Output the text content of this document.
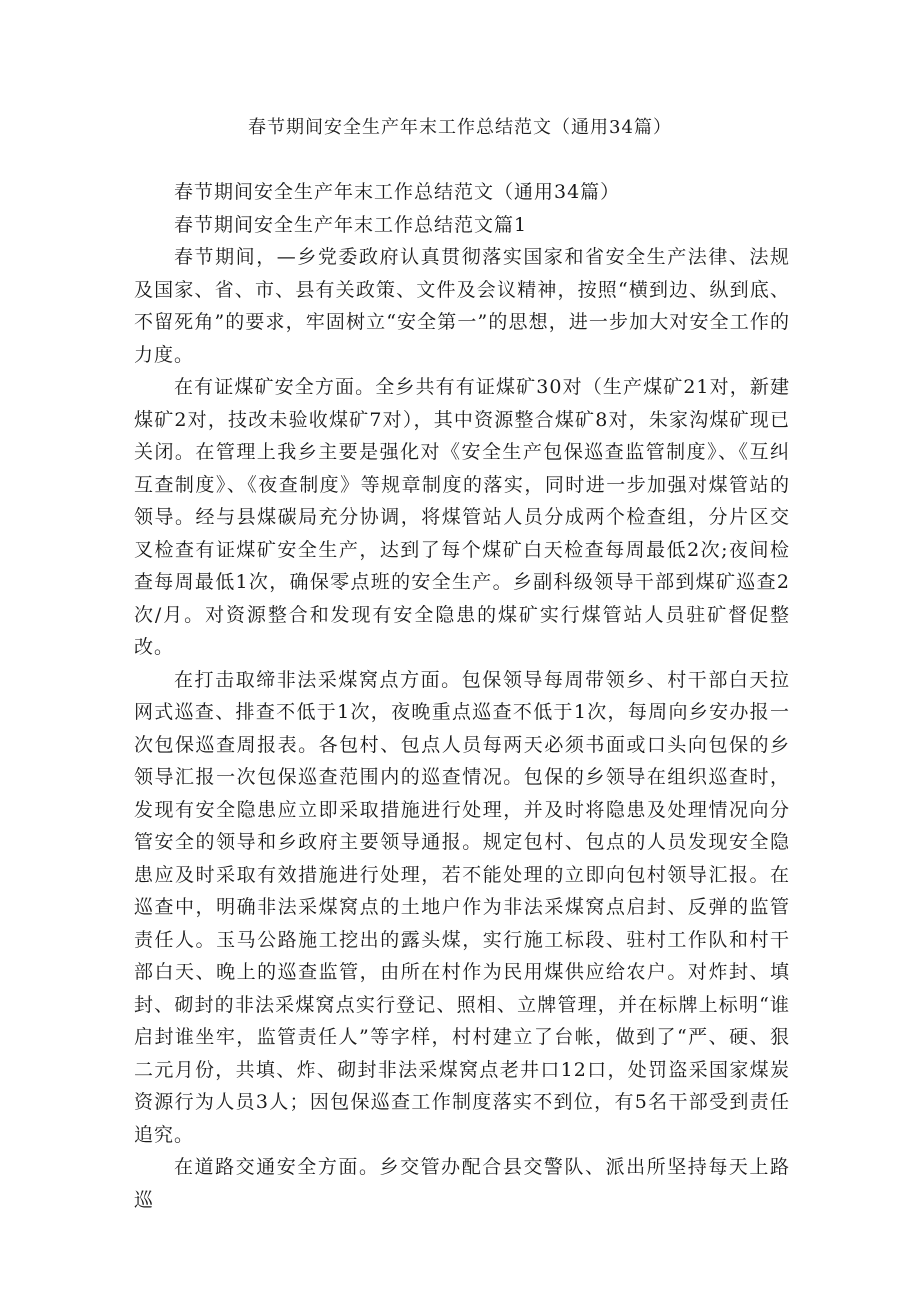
春节期间安全生产年末工作总结范文（通用34篇）

春节期间安全生产年末工作总结范文（通用34篇）

春节期间安全生产年末工作总结范文篇1

春节期间，—乡党委政府认真贯彻落实国家和省安全生产法律、法规及国家、省、市、县有关政策、文件及会议精神，按照“横到边、纵到底、不留死角”的要求，牢固树立“安全第一”的思想，进一步加大对安全工作的力度。

在有证煤矿安全方面。全乡共有有证煤矿30对（生产煤矿21对，新建煤矿2对，技改未验收煤矿7对），其中资源整合煤矿8对，朱家沟煤矿现已关闭。在管理上我乡主要是强化对《安全生产包保巡查监管制度》、《互纠互查制度》、《夜查制度》等规章制度的落实，同时进一步加强对煤管站的领导。经与县煤碳局充分协调，将煤管站人员分成两个检查组，分片区交叉检查有证煤矿安全生产，达到了每个煤矿白天检查每周最低2次;夜间检查每周最低1次，确保零点班的安全生产。乡副科级领导干部到煤矿巡查2次/月。对资源整合和发现有安全隐患的煤矿实行煤管站人员驻矿督促整改。

在打击取缔非法采煤窝点方面。包保领导每周带领乡、村干部白天拉网式巡查、排查不低于1次，夜晚重点巡查不低于1次，每周向乡安办报一次包保巡查周报表。各包村、包点人员每两天必须书面或口头向包保的乡领导汇报一次包保巡查范围内的巡查情况。包保的乡领导在组织巡查时，发现有安全隐患应立即采取措施进行处理，并及时将隐患及处理情况向分管安全的领导和乡政府主要领导通报。规定包村、包点的人员发现安全隐患应及时采取有效措施进行处理，若不能处理的立即向包村领导汇报。在巡查中，明确非法采煤窝点的土地户作为非法采煤窝点启封、反弹的监管责任人。玉马公路施工挖出的露头煤，实行施工标段、驻村工作队和村干部白天、晚上的巡查监管，由所在村作为民用煤供应给农户。对炸封、填封、砌封的非法采煤窝点实行登记、照相、立牌管理，并在标牌上标明“谁启封谁坐牢，监管责任人”等字样，村村建立了台帐，做到了“严、硬、狠二元月份，共填、炸、砌封非法采煤窝点老井口12口，处罚盗采国家煤炭资源行为人员3人；因包保巡查工作制度落实不到位，有5名干部受到责任追究。

在道路交通安全方面。乡交管办配合县交警队、派出所坚持每天上路巡
